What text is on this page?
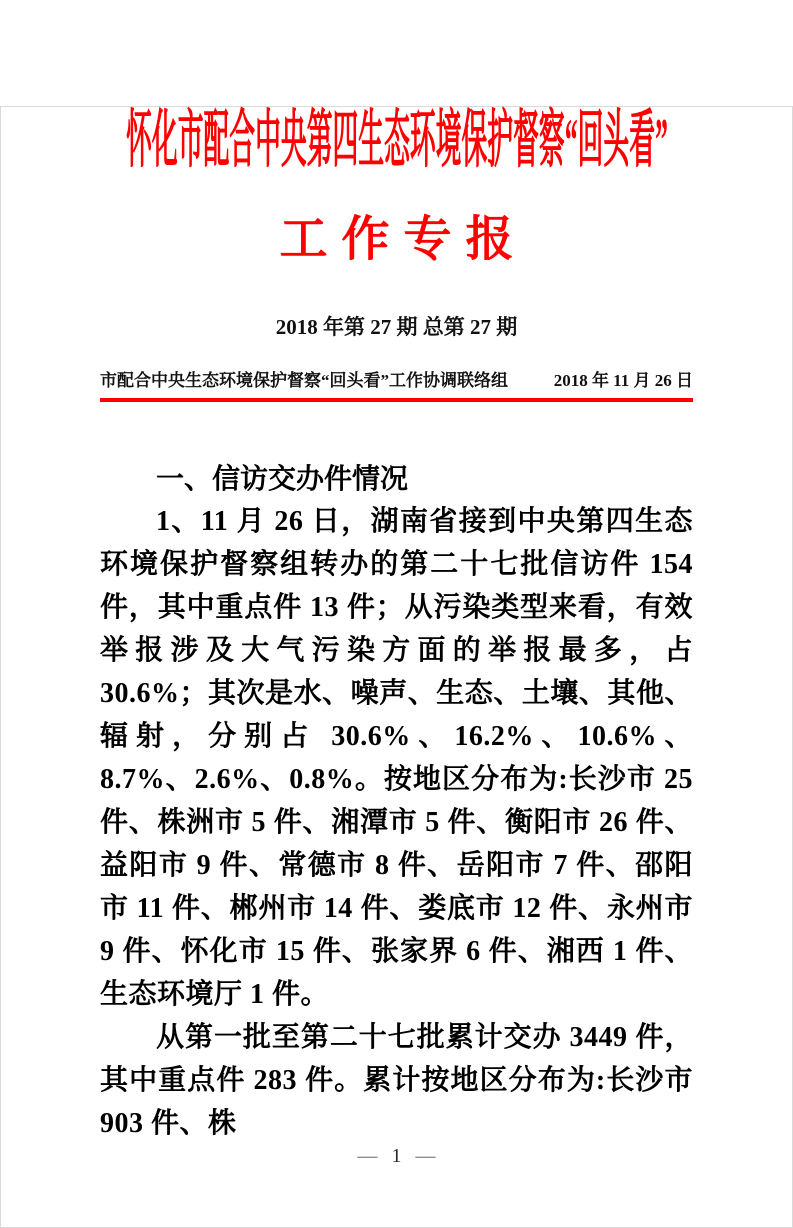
怀化市配合中央第四生态环境保护督察“回头看”
工作专报
2018 年第 27 期 总第 27 期
市配合中央生态环境保护督察“回头看”工作协调联络组	2018 年 11 月 26 日
一、信访交办件情况

1、11 月 26 日，湖南省接到中央第四生态环境保护督察组转办的第二十七批信访件 154 件，其中重点件 13 件；从污染类型来看，有效举报涉及大气污染方面的举报最多，占 30.6%；其次是水、噪声、生态、土壤、其他、辐射，分别占 30.6%、16.2%、10.6%、8.7%、2.6%、0.8%。按地区分布为:长沙市 25 件、株洲市 5 件、湘潭市 5 件、衡阳市 26 件、益阳市 9 件、常德市 8 件、岳阳市 7 件、邵阳市 11 件、郴州市 14 件、娄底市 12 件、永州市 9 件、怀化市 15 件、张家界 6 件、湘西 1 件、生态环境厅 1 件。

从第一批至第二十七批累计交办 3449 件，其中重点件 283 件。累计按地区分布为:长沙市 903 件、株

— 1 —
